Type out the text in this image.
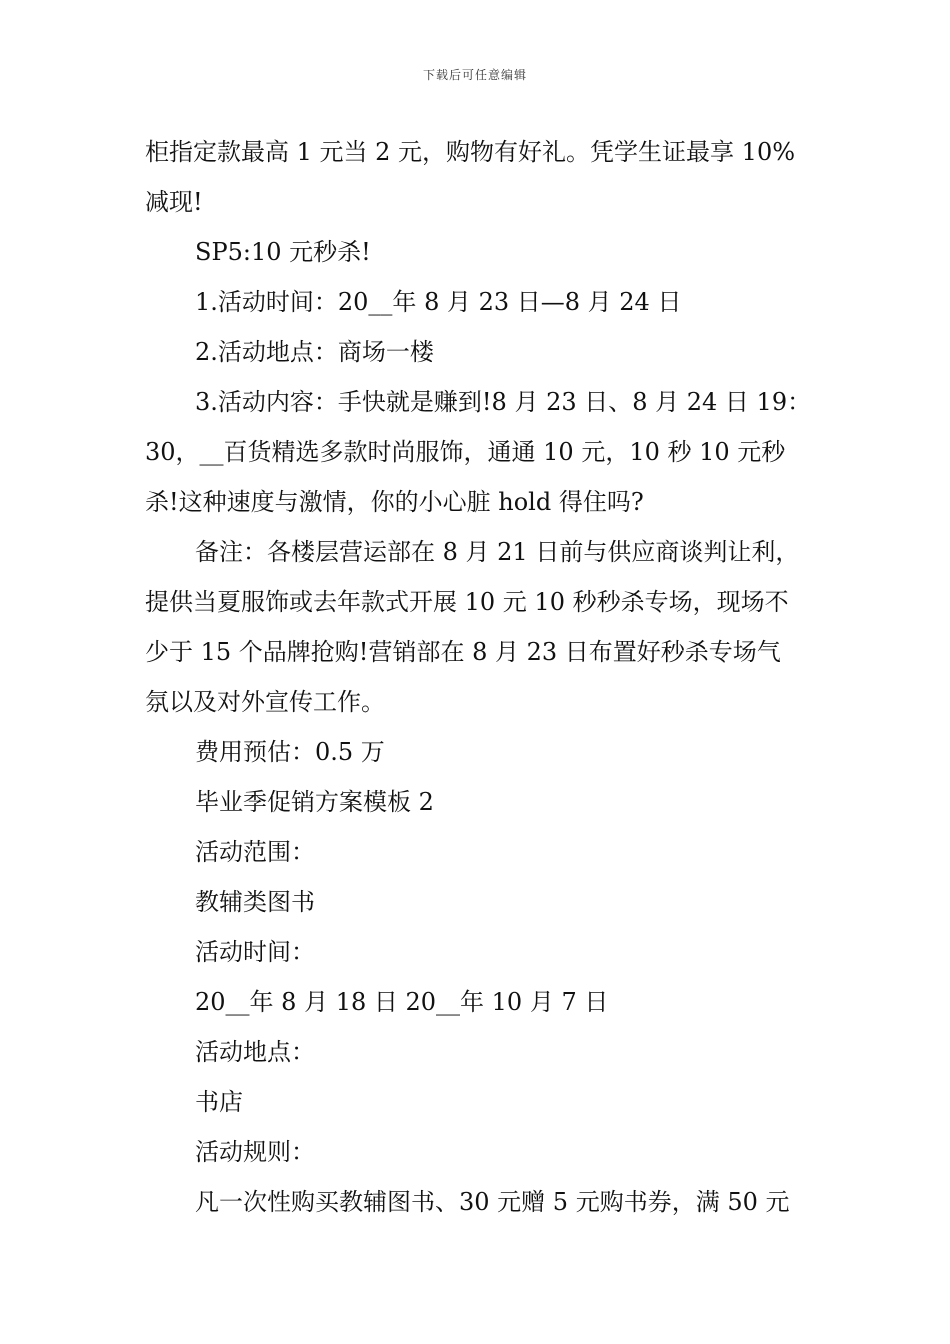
下载后可任意编辑
柜指定款最高 1 元当 2 元，购物有好礼。凭学生证最享 10%
减现!
SP5:10 元秒杀!
1.活动时间：20__年 8 月 23 日—8 月 24 日
2.活动地点：商场一楼
3.活动内容：手快就是赚到!8 月 23 日、8 月 24 日 19：
30，__百货精选多款时尚服饰，通通 10 元，10 秒 10 元秒
杀!这种速度与激情，你的小心脏 hold 得住吗?
备注：各楼层营运部在 8 月 21 日前与供应商谈判让利，
提供当夏服饰或去年款式开展 10 元 10 秒秒杀专场，现场不
少于 15 个品牌抢购!营销部在 8 月 23 日布置好秒杀专场气
氛以及对外宣传工作。
费用预估：0.5 万
毕业季促销方案模板 2
活动范围：
教辅类图书
活动时间：
20__年 8 月 18 日 20__年 10 月 7 日
活动地点：
书店
活动规则：
凡一次性购买教辅图书、30 元赠 5 元购书券，满 50 元
